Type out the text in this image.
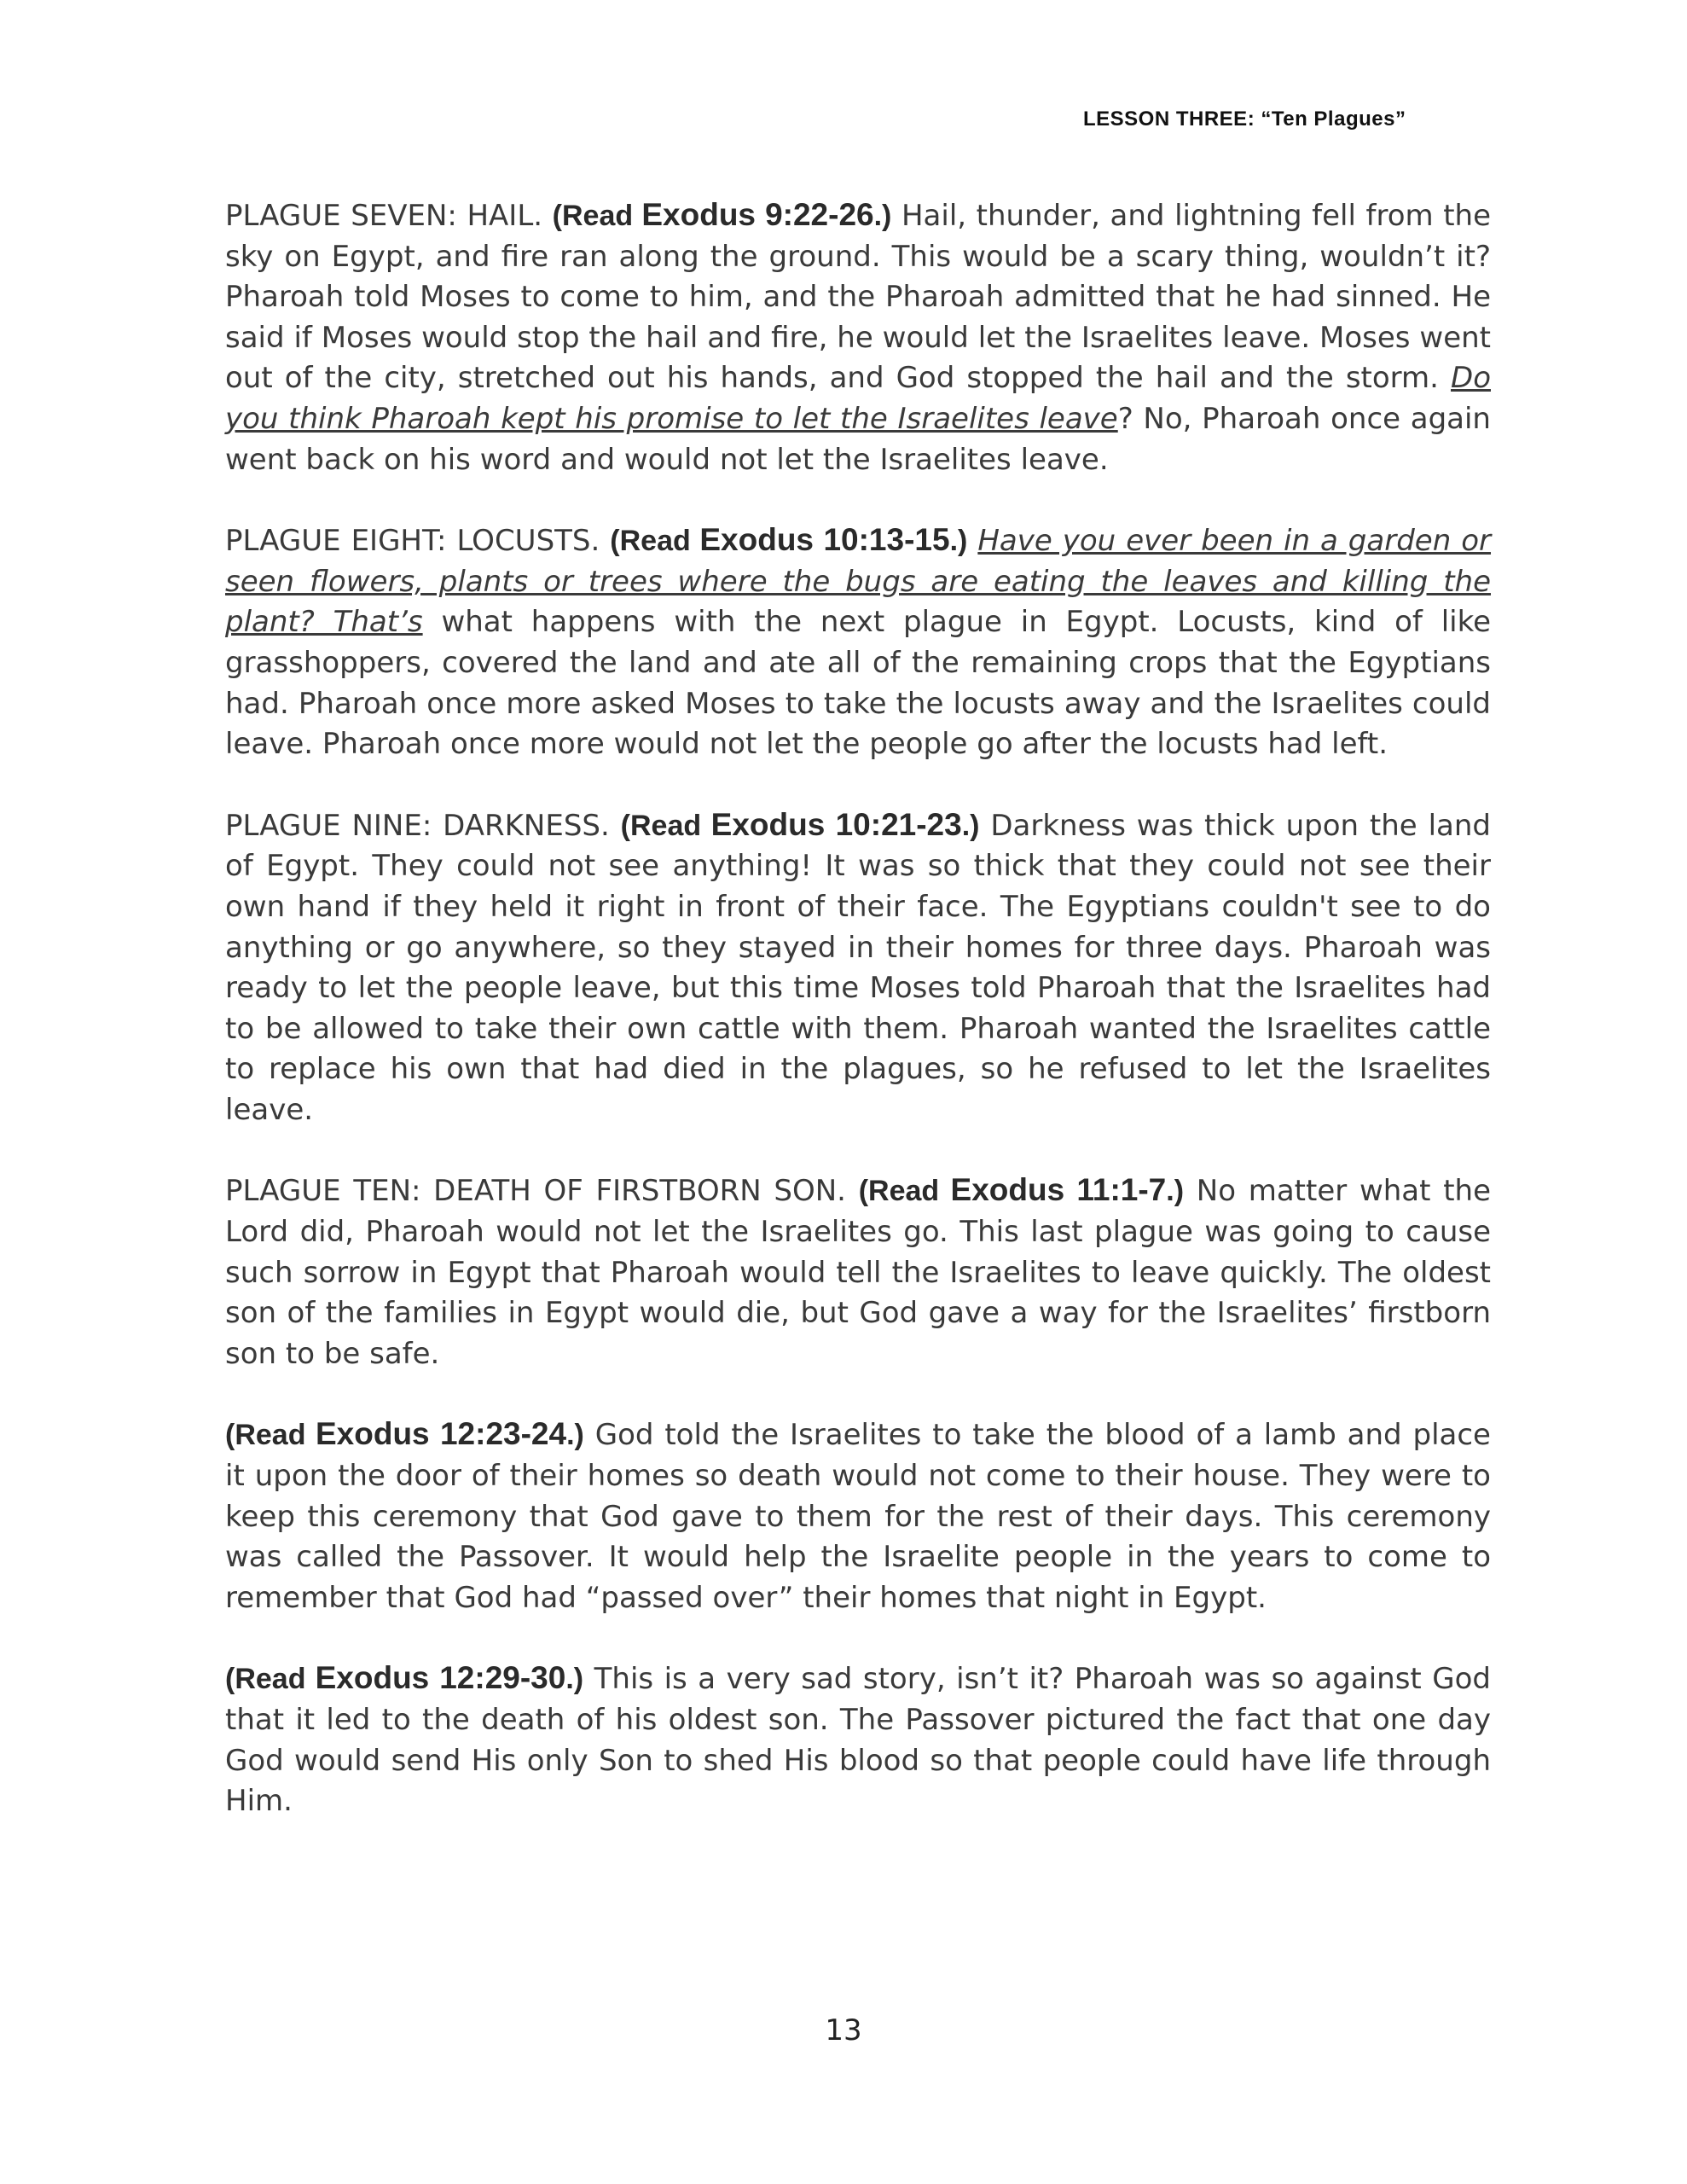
LESSON THREE: “Ten Plagues”

PLAGUE SEVEN: HAIL. (Read Exodus 9:22-26.) Hail, thunder, and lightning fell from the sky on Egypt, and fire ran along the ground. This would be a scary thing, wouldn’t it? Pharoah told Moses to come to him, and the Pharoah admitted that he had sinned. He said if Moses would stop the hail and fire, he would let the Israelites leave. Moses went out of the city, stretched out his hands, and God stopped the hail and the storm. Do you think Pharoah kept his promise to let the Israelites leave? No, Pharoah once again went back on his word and would not let the Israelites leave.

PLAGUE EIGHT: LOCUSTS. (Read Exodus 10:13-15.) Have you ever been in a garden or seen flowers, plants or trees where the bugs are eating the leaves and killing the plant? That’s what happens with the next plague in Egypt. Locusts, kind of like grasshoppers, covered the land and ate all of the remaining crops that the Egyptians had. Pharoah once more asked Moses to take the locusts away and the Israelites could leave. Pharoah once more would not let the people go after the locusts had left.

PLAGUE NINE: DARKNESS. (Read Exodus 10:21-23.) Darkness was thick upon the land of Egypt. They could not see anything! It was so thick that they could not see their own hand if they held it right in front of their face. The Egyptians couldn't see to do anything or go anywhere, so they stayed in their homes for three days. Pharoah was ready to let the people leave, but this time Moses told Pharoah that the Israelites had to be allowed to take their own cattle with them. Pharoah wanted the Israelites cattle to replace his own that had died in the plagues, so he refused to let the Israelites leave.

PLAGUE TEN: DEATH OF FIRSTBORN SON. (Read Exodus 11:1-7.) No matter what the Lord did, Pharoah would not let the Israelites go. This last plague was going to cause such sorrow in Egypt that Pharoah would tell the Israelites to leave quickly. The oldest son of the families in Egypt would die, but God gave a way for the Israelites’ firstborn son to be safe.

(Read Exodus 12:23-24.) God told the Israelites to take the blood of a lamb and place it upon the door of their homes so death would not come to their house. They were to keep this ceremony that God gave to them for the rest of their days. This ceremony was called the Passover. It would help the Israelite people in the years to come to remember that God had “passed over” their homes that night in Egypt.

(Read Exodus 12:29-30.) This is a very sad story, isn’t it? Pharoah was so against God that it led to the death of his oldest son. The Passover pictured the fact that one day God would send His only Son to shed His blood so that people could have life through Him.

13
